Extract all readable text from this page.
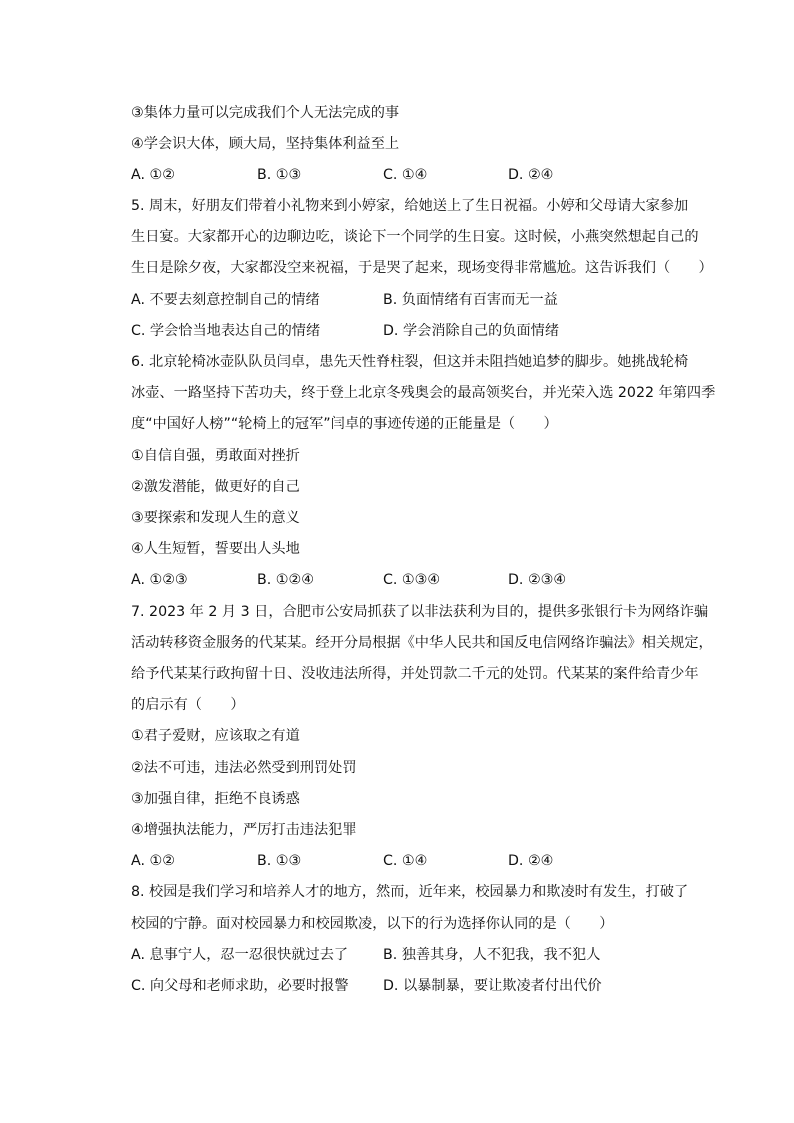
③集体力量可以完成我们个人无法完成的事
④学会识大体，顾大局，坚持集体利益至上
A. ①②	B. ①③	C. ①④	D. ②④
5. 周末，好朋友们带着小礼物来到小婷家，给她送上了生日祝福。小婷和父母请大家参加
生日宴。大家都开心的边聊边吃，谈论下一个同学的生日宴。这时候，小燕突然想起自己的
生日是除夕夜，大家都没空来祝福，于是哭了起来，现场变得非常尴尬。这告诉我们（　　）
A. 不要去刻意控制自己的情绪	B. 负面情绪有百害而无一益
C. 学会恰当地表达自己的情绪	D. 学会消除自己的负面情绪
6. 北京轮椅冰壶队队员闫卓，患先天性脊柱裂，但这并未阻挡她追梦的脚步。她挑战轮椅
冰壶、一路坚持下苦功夫，终于登上北京冬残奥会的最高领奖台，并光荣入选 2022 年第四季
度“中国好人榜”“轮椅上的冠军”闫卓的事迹传递的正能量是（　　）
①自信自强，勇敢面对挫折
②激发潜能，做更好的自己
③要探索和发现人生的意义
④人生短暂，誓要出人头地
A. ①②③	B. ①②④	C. ①③④	D. ②③④
7. 2023 年 2 月 3 日，合肥市公安局抓获了以非法获利为目的，提供多张银行卡为网络诈骗
活动转移资金服务的代某某。经开分局根据《中华人民共和国反电信网络诈骗法》相关规定，
给予代某某行政拘留十日、没收违法所得，并处罚款二千元的处罚。代某某的案件给青少年
的启示有（　　）
①君子爱财，应该取之有道
②法不可违，违法必然受到刑罚处罚
③加强自律，拒绝不良诱惑
④增强执法能力，严厉打击违法犯罪
A. ①②	B. ①③	C. ①④	D. ②④
8. 校园是我们学习和培养人才的地方，然而，近年来，校园暴力和欺凌时有发生，打破了
校园的宁静。面对校园暴力和校园欺凌，以下的行为选择你认同的是（　　）
A. 息事宁人，忍一忍很快就过去了 B. 独善其身，人不犯我，我不犯人
C. 向父母和老师求助，必要时报警 D. 以暴制暴，要让欺凌者付出代价
